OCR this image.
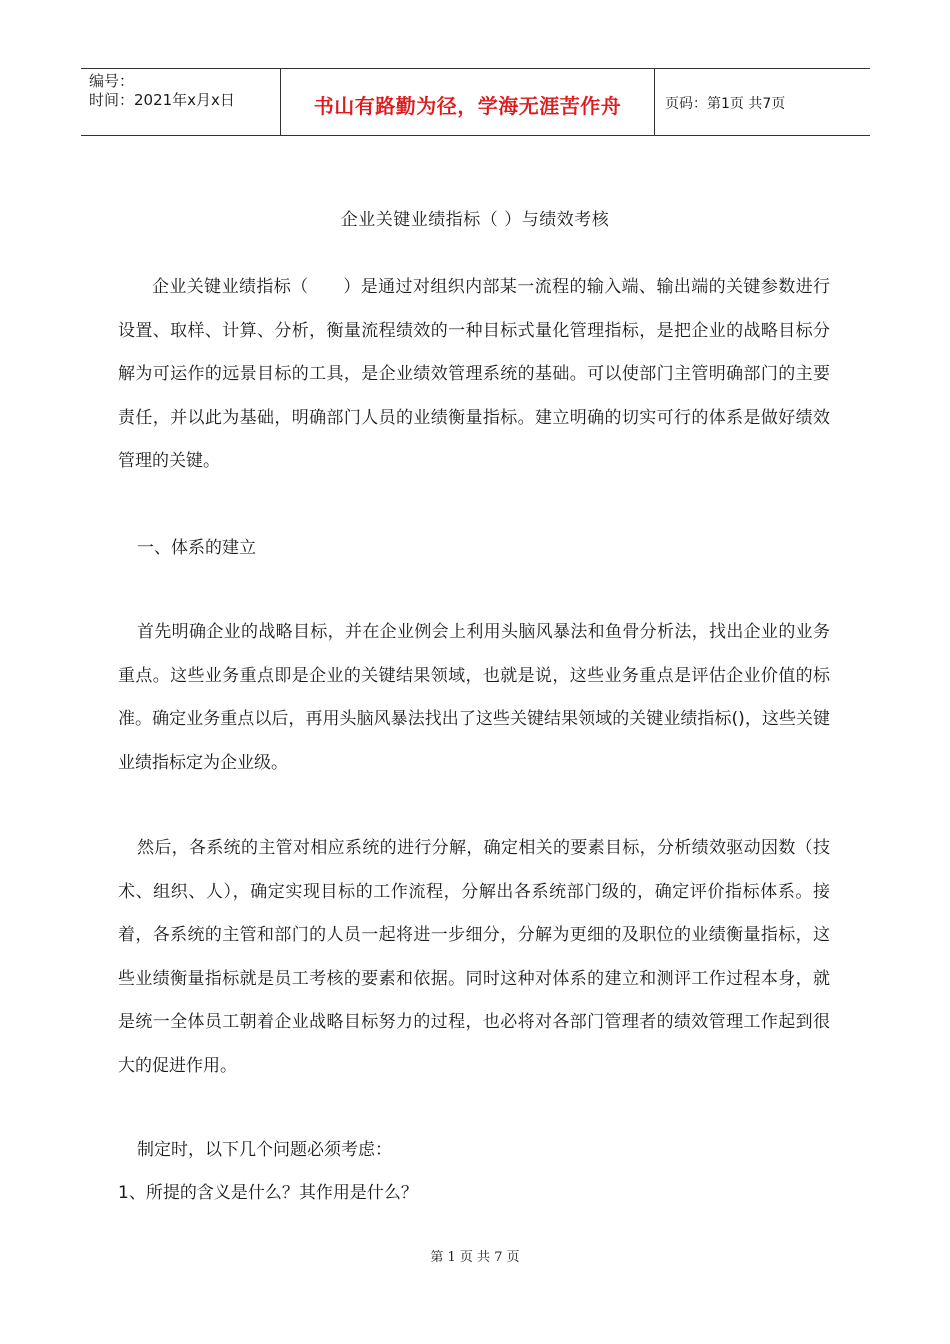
编号：
时间：2021年x月x日	书山有路勤为径，学海无涯苦作舟	页码：第1页 共7页
企业关键业绩指标（ ）与绩效考核

企业关键业绩指标（　　）是通过对组织内部某一流程的输入端、输出端的关键参数进行设置、取样、计算、分析，衡量流程绩效的一种目标式量化管理指标，是把企业的战略目标分解为可运作的远景目标的工具，是企业绩效管理系统的基础。可以使部门主管明确部门的主要责任，并以此为基础，明确部门人员的业绩衡量指标。建立明确的切实可行的体系是做好绩效管理的关键。

一、体系的建立

首先明确企业的战略目标，并在企业例会上利用头脑风暴法和鱼骨分析法，找出企业的业务重点。这些业务重点即是企业的关键结果领域，也就是说，这些业务重点是评估企业价值的标准。确定业务重点以后，再用头脑风暴法找出了这些关键结果领域的关键业绩指标()，这些关键业绩指标定为企业级。

然后，各系统的主管对相应系统的进行分解，确定相关的要素目标，分析绩效驱动因数（技术、组织、人），确定实现目标的工作流程，分解出各系统部门级的，确定评价指标体系。接着，各系统的主管和部门的人员一起将进一步细分，分解为更细的及职位的业绩衡量指标，这些业绩衡量指标就是员工考核的要素和依据。同时这种对体系的建立和测评工作过程本身，就是统一全体员工朝着企业战略目标努力的过程，也必将对各部门管理者的绩效管理工作起到很大的促进作用。

制定时，以下几个问题必须考虑：
1、所提的含义是什么？其作用是什么？
第 1 页 共 7 页
